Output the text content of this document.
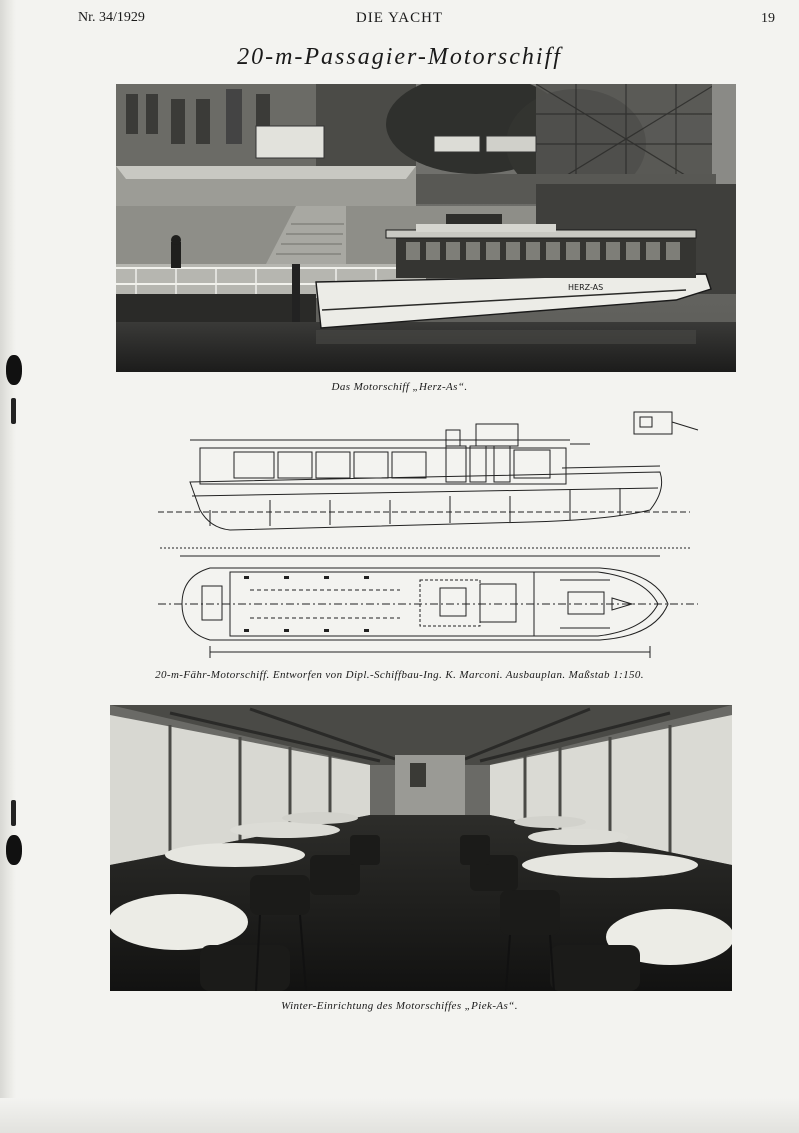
Nr. 34/1929	DIE YACHT	19
20-m-Passagier-Motorschiff
HERZ-AS
Das Motorschiff „Herz-As“.
20-m-Fähr-Motorschiff. Entworfen von Dipl.-Schiffbau-Ing. K. Marconi. Ausbauplan. Maßstab 1:150.
Winter-Einrichtung des Motorschiffes „Piek-As“.
